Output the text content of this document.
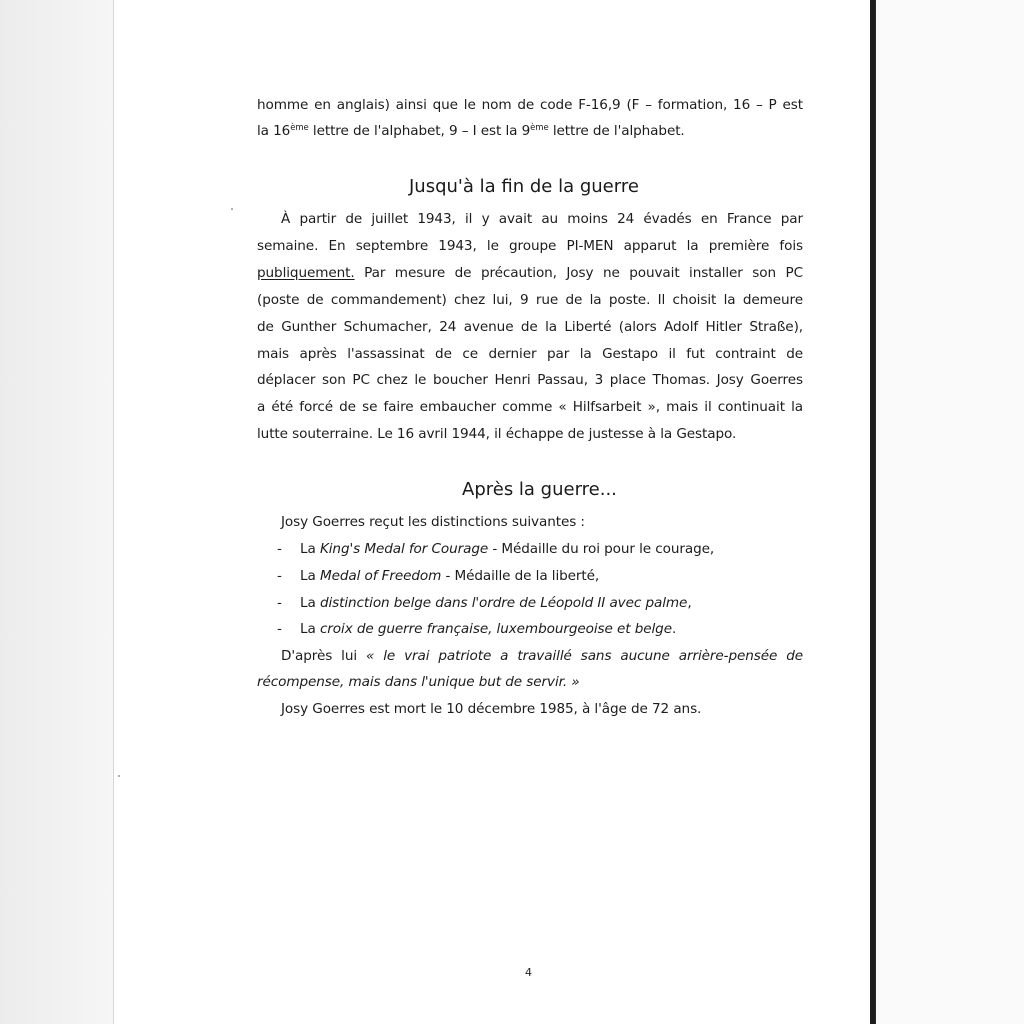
homme en anglais) ainsi que le nom de code F-16,9 (F – formation, 16 – P est
la 16ème lettre de l'alphabet, 9 – I est la 9ème lettre de l'alphabet.
Jusqu'à la fin de la guerre
À partir de juillet 1943, il y avait au moins 24 évadés en France par
semaine. En septembre 1943, le groupe PI-MEN apparut la première fois
publiquement. Par mesure de précaution, Josy ne pouvait installer son PC
(poste de commandement) chez lui, 9 rue de la poste. Il choisit la demeure
de Gunther Schumacher, 24 avenue de la Liberté (alors Adolf Hitler Straße),
mais après l'assassinat de ce dernier par la Gestapo il fut contraint de
déplacer son PC chez le boucher Henri Passau, 3 place Thomas. Josy Goerres
a été forcé de se faire embaucher comme « Hilfsarbeit », mais il continuait la
lutte souterraine. Le 16 avril 1944, il échappe de justesse à la Gestapo.
Après la guerre...
Josy Goerres reçut les distinctions suivantes :
- La King's Medal for Courage - Médaille du roi pour le courage,
- La Medal of Freedom - Médaille de la liberté,
- La distinction belge dans l'ordre de Léopold II avec palme,
- La croix de guerre française, luxembourgeoise et belge.
D'après lui « le vrai patriote a travaillé sans aucune arrière-pensée de
récompense, mais dans l'unique but de servir. »
Josy Goerres est mort le 10 décembre 1985, à l'âge de 72 ans.
4
